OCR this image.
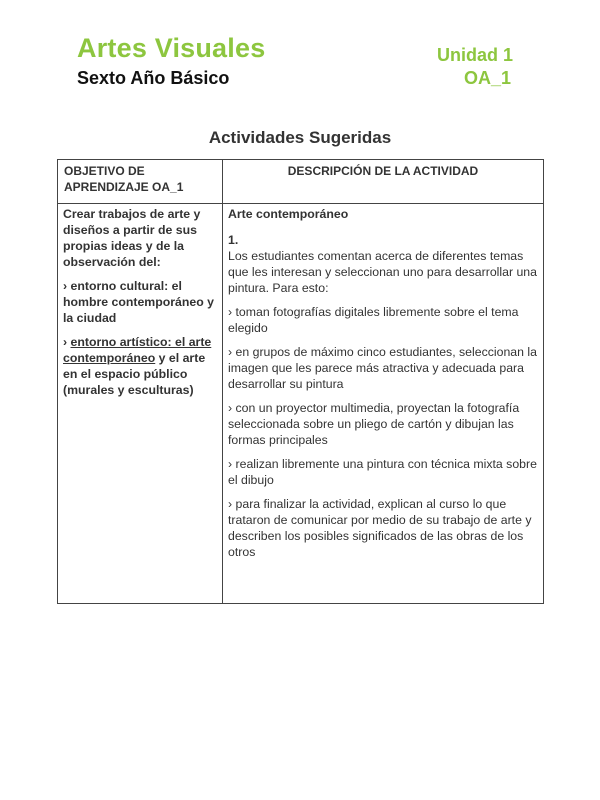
Artes Visuales	Unidad 1
Sexto Año Básico	OA_1
Actividades Sugeridas
OBJETIVO DE APRENDIZAJE OA_1
DESCRIPCIÓN DE LA ACTIVIDAD

Crear trabajos de arte y diseños a partir de sus propias ideas y de la observación del:

› entorno cultural: el hombre contemporáneo y la ciudad

› entorno artístico: el arte contemporáneo y el arte en el espacio público (murales y esculturas)

Arte contemporáneo

1.

Los estudiantes comentan acerca de diferentes temas que les interesan y seleccionan uno para desarrollar una pintura. Para esto:

› toman fotografías digitales libremente sobre el tema elegido

› en grupos de máximo cinco estudiantes, seleccionan la imagen que les parece más atractiva y adecuada para desarrollar su pintura

› con un proyector multimedia, proyectan la fotografía seleccionada sobre un pliego de cartón y dibujan las formas principales

› realizan libremente una pintura con técnica mixta sobre el dibujo

› para finalizar la actividad, explican al curso lo que trataron de comunicar por medio de su trabajo de arte y describen los posibles significados de las obras de los otros
